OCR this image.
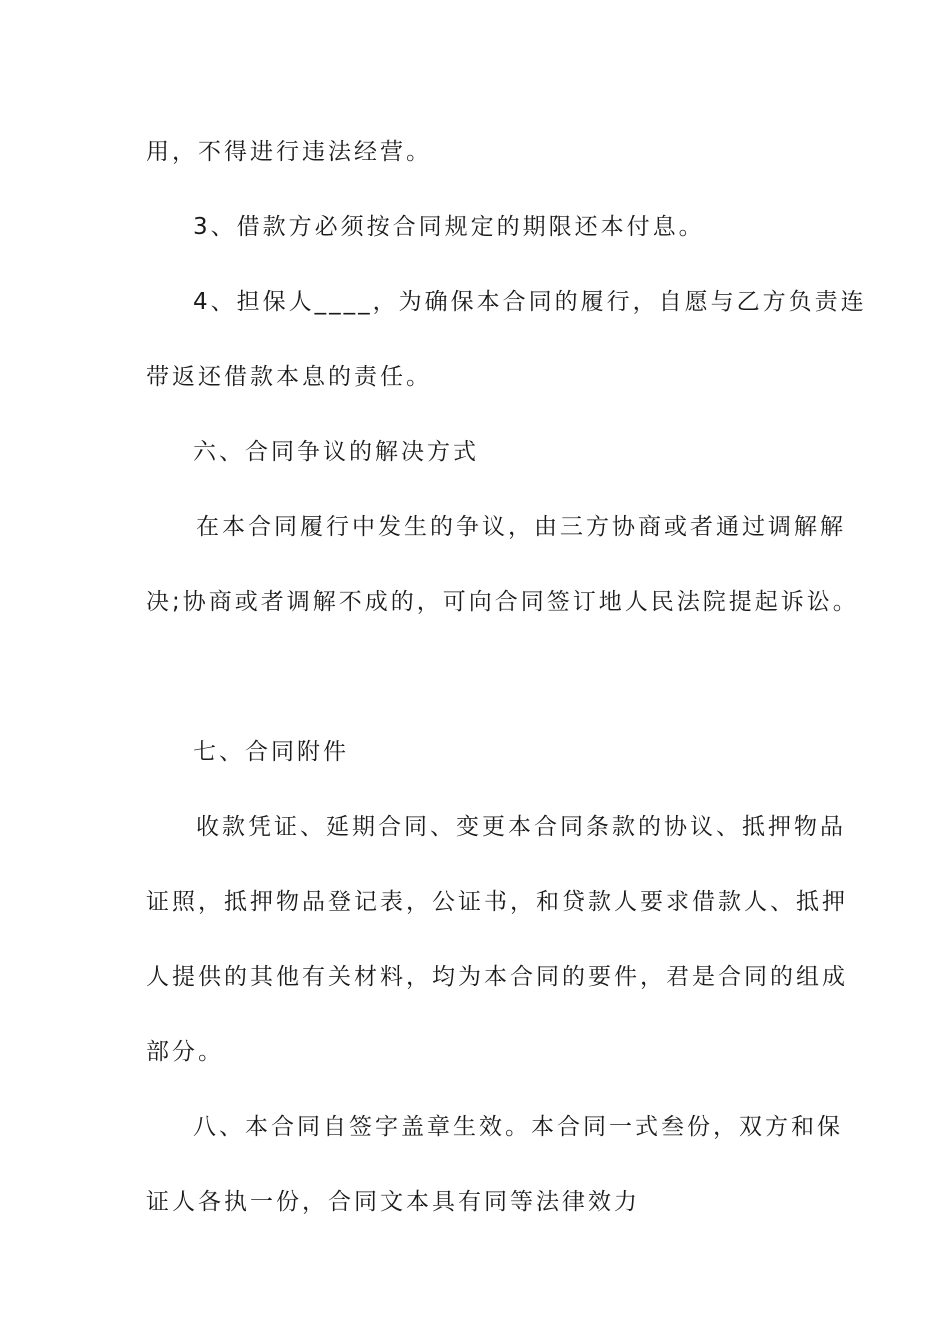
用，不得进行违法经营。
3、借款方必须按合同规定的期限还本付息。
4、担保人____，为确保本合同的履行，自愿与乙方负责连
带返还借款本息的责任。
六、合同争议的解决方式
在本合同履行中发生的争议，由三方协商或者通过调解解
决;协商或者调解不成的，可向合同签订地人民法院提起诉讼。
七、合同附件
收款凭证、延期合同、变更本合同条款的协议、抵押物品
证照，抵押物品登记表，公证书，和贷款人要求借款人、抵押
人提供的其他有关材料，均为本合同的要件，君是合同的组成
部分。
八、本合同自签字盖章生效。本合同一式叁份，双方和保
证人各执一份，合同文本具有同等法律效力
